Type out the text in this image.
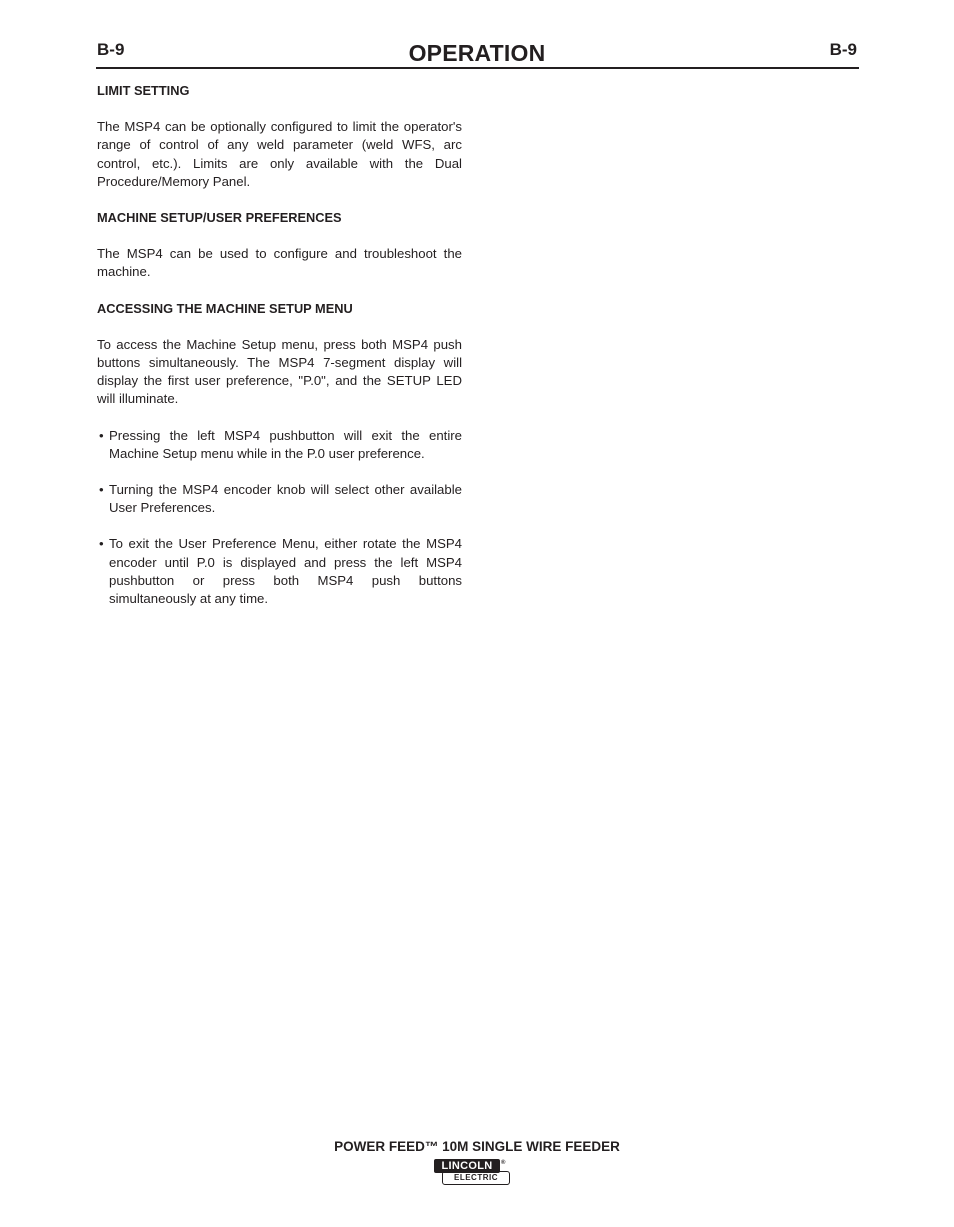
B-9	OPERATION	B-9

LIMIT SETTING

The MSP4 can be optionally configured to limit the operator's range of control of any weld parameter (weld WFS, arc control, etc.). Limits are only available with the Dual Procedure/Memory Panel.

MACHINE SETUP/USER PREFERENCES

The MSP4 can be used to configure and troubleshoot the machine.

ACCESSING THE MACHINE SETUP MENU

To access the Machine Setup menu, press both MSP4 push buttons simultaneously. The MSP4 7-segment display will display the first user preference, "P.0", and the SETUP LED will illuminate.

• Pressing the left MSP4 pushbutton will exit the entire Machine Setup menu while in the P.0 user preference.

• Turning the MSP4 encoder knob will select other available User Preferences.

• To exit the User Preference Menu, either rotate the MSP4 encoder until P.0 is displayed and press the left MSP4 pushbutton or press both MSP4 push buttons simultaneously at any time.

POWER FEED™ 10M SINGLE WIRE FEEDER
ELECTRIC
LINCOLN	®
